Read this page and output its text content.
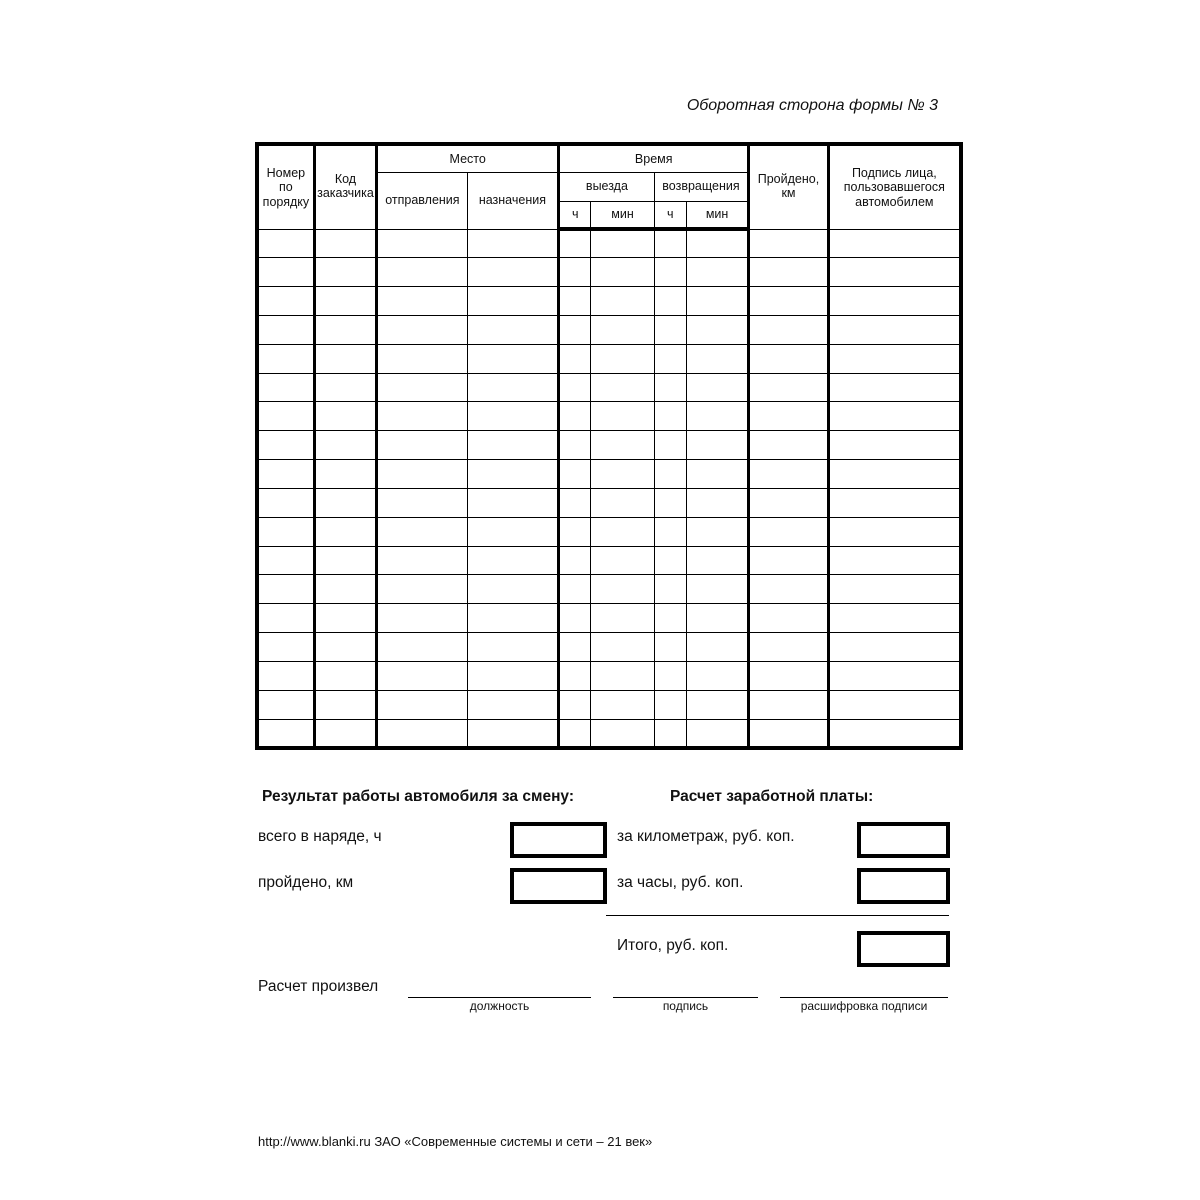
Оборотная сторона формы № 3
Номер по порядку	Код заказчика	Место		Время				Пройдено, км	Подпись лица, пользовавшегося автомобилем
		отправления	назначения	выезда		возвращения			
				ч	мин	ч	мин		

Результат работы автомобиля за смену:	Расчет заработной платы:
всего в наряде, ч	за километраж, руб. коп.
пройдено, км	за часы, руб. коп.
Итого, руб. коп.
Расчет произвел
должность	подпись	расшифровка подписи
http://www.blanki.ru ЗАО «Современные системы и сети – 21 век»
